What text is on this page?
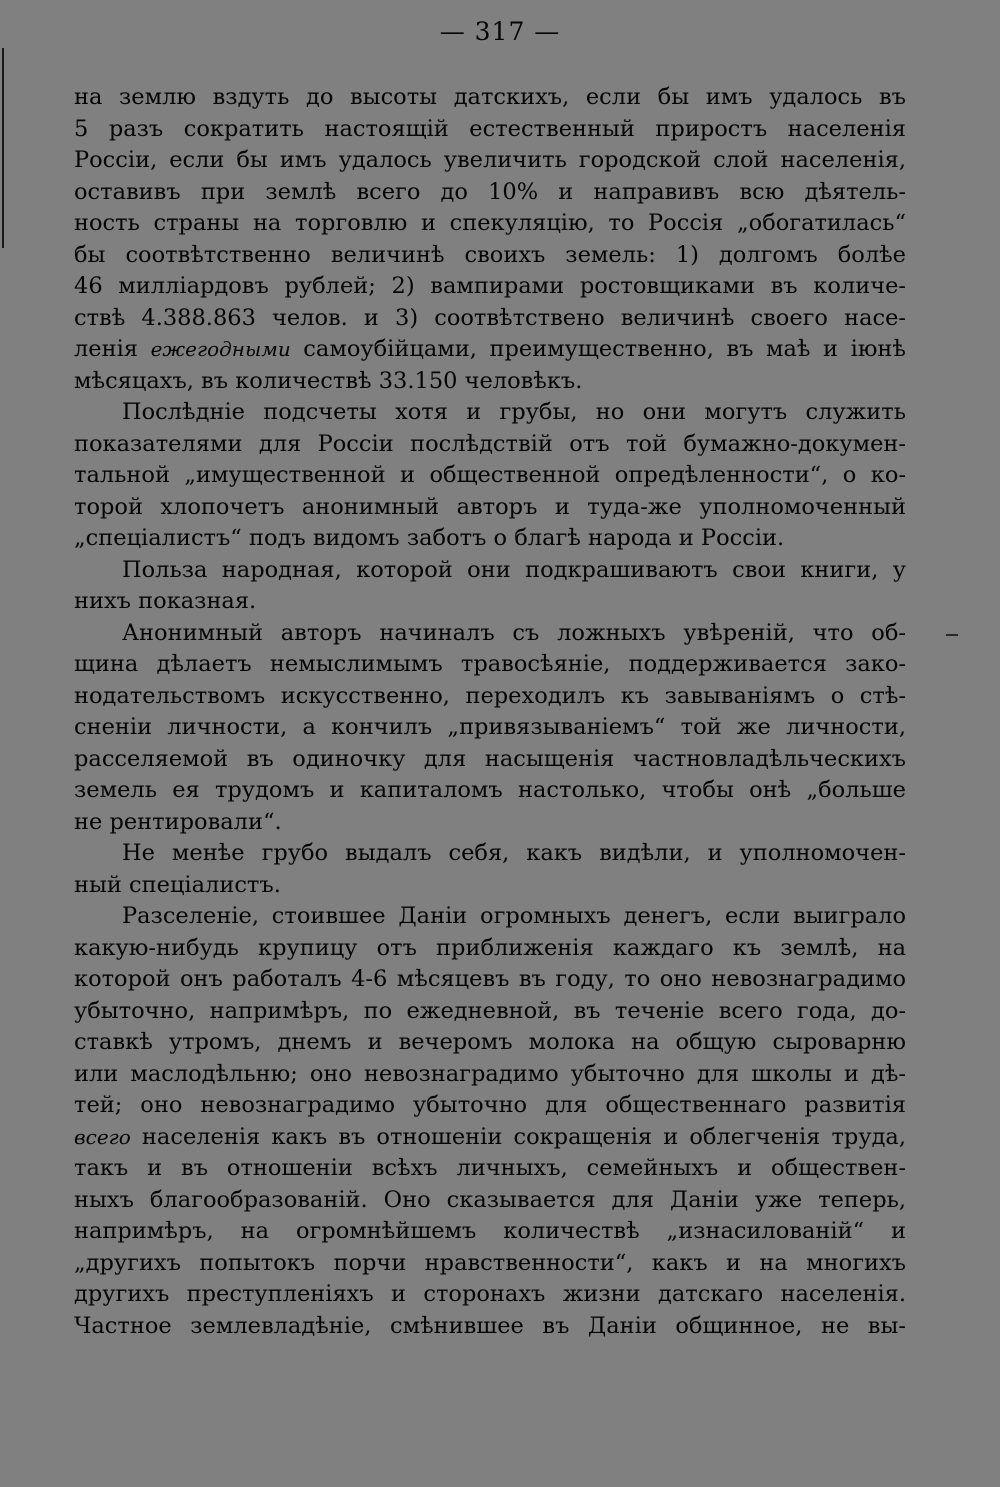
— 317 —
на землю вздуть до высоты датскихъ, если бы имъ удалось въ
5 разъ сократить настоящій естественный приростъ населенія
Россіи, если бы имъ удалось увеличить городской слой населенія,
оставивъ при землѣ всего до 10% и направивъ всю дѣятель-
ность страны на торговлю и спекуляцію, то Россія „обогатилась“
бы соотвѣтственно величинѣ своихъ земель: 1) долгомъ болѣе
46 милліардовъ рублей; 2) вампирами ростовщиками въ количе-
ствѣ 4.388.863 челов. и 3) соотвѣтствено величинѣ своего насе-
ленія ежегодными самоубійцами, преимущественно, въ маѣ и іюнѣ
мѣсяцахъ, въ количествѣ 33.150 человѣкъ.
Послѣдніе подсчеты хотя и грубы, но они могутъ служить
показателями для Россіи послѣдствій отъ той бумажно-докумен-
тальной „имущественной и общественной опредѣленности“, о ко-
торой хлопочетъ анонимный авторъ и туда-же уполномоченный
„спеціалистъ“ подъ видомъ заботъ о благѣ народа и Россіи.
Польза народная, которой они подкрашиваютъ свои книги, у
нихъ показная.
Анонимный авторъ начиналъ съ ложныхъ увѣреній, что об-
щина дѣлаетъ немыслимымъ травосѣяніе, поддерживается зако-
нодательствомъ искусственно, переходилъ къ завываніямъ о стѣ-
сненіи личности, а кончилъ „привязываніемъ“ той же личности,
расселяемой въ одиночку для насыщенія частновладѣльческихъ
земель ея трудомъ и капиталомъ настолько, чтобы онѣ „больше
не рентировали“.
Не менѣе грубо выдалъ себя, какъ видѣли, и уполномочен-
ный спеціалистъ.
Разселеніе, стоившее Даніи огромныхъ денегъ, если выиграло
какую-нибудь крупицу отъ приближенія каждаго къ землѣ, на
которой онъ работалъ 4-6 мѣсяцевъ въ году, то оно невознаградимо
убыточно, напримѣръ, по ежедневной, въ теченіе всего года, до-
ставкѣ утромъ, днемъ и вечеромъ молока на общую сыроварню
или маслодѣльню; оно невознаградимо убыточно для школы и дѣ-
тей; оно невознаградимо убыточно для общественнаго развитія
всего населенія какъ въ отношеніи сокращенія и облегченія труда,
такъ и въ отношеніи всѣхъ личныхъ, семейныхъ и обществен-
ныхъ благообразованій. Оно сказывается для Даніи уже теперь,
напримѣръ, на огромнѣйшемъ количествѣ „изнасилованій“ и
„другихъ попытокъ порчи нравственности“, какъ и на многихъ
другихъ преступленіяхъ и сторонахъ жизни датскаго населенія.
Частное землевладѣніе, смѣнившее въ Даніи общинное, не вы-
